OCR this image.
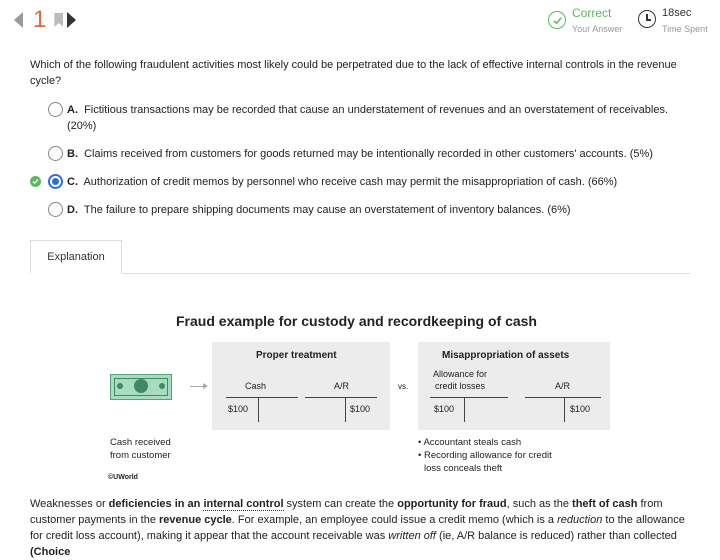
1	Correct
Your Answer
18sec
Time Spent
Which of the following fraudulent activities most likely could be perpetrated due to the lack of effective internal controls in the revenue cycle?
A. Fictitious transactions may be recorded that cause an understatement of revenues and an overstatement of receivables.
(20%)
B. Claims received from customers for goods returned may be intentionally recorded in other customers' accounts. (5%)
C. Authorization of credit memos by personnel who receive cash may permit the misappropriation of cash. (66%)
D. The failure to prepare shipping documents may cause an overstatement of inventory balances. (6%)
Explanation
Fraud example for custody and recordkeeping of cash
Proper treatment
Cash	A/R
$100	$100
vs.
Misappropriation of assets
Allowance for
credit losses	A/R
$100	$100
Cash received
from customer
©UWorld
• Accountant steals cash
• Recording allowance for credit
loss conceals theft
Weaknesses or deficiencies in an internal control system can create the opportunity for fraud, such as the theft of cash from customer payments in the revenue cycle. For example, an employee could issue a credit memo (which is a reduction to the allowance for credit loss account), making it appear that the account receivable was written off (ie, A/R balance is reduced) rather than collected (Choice
